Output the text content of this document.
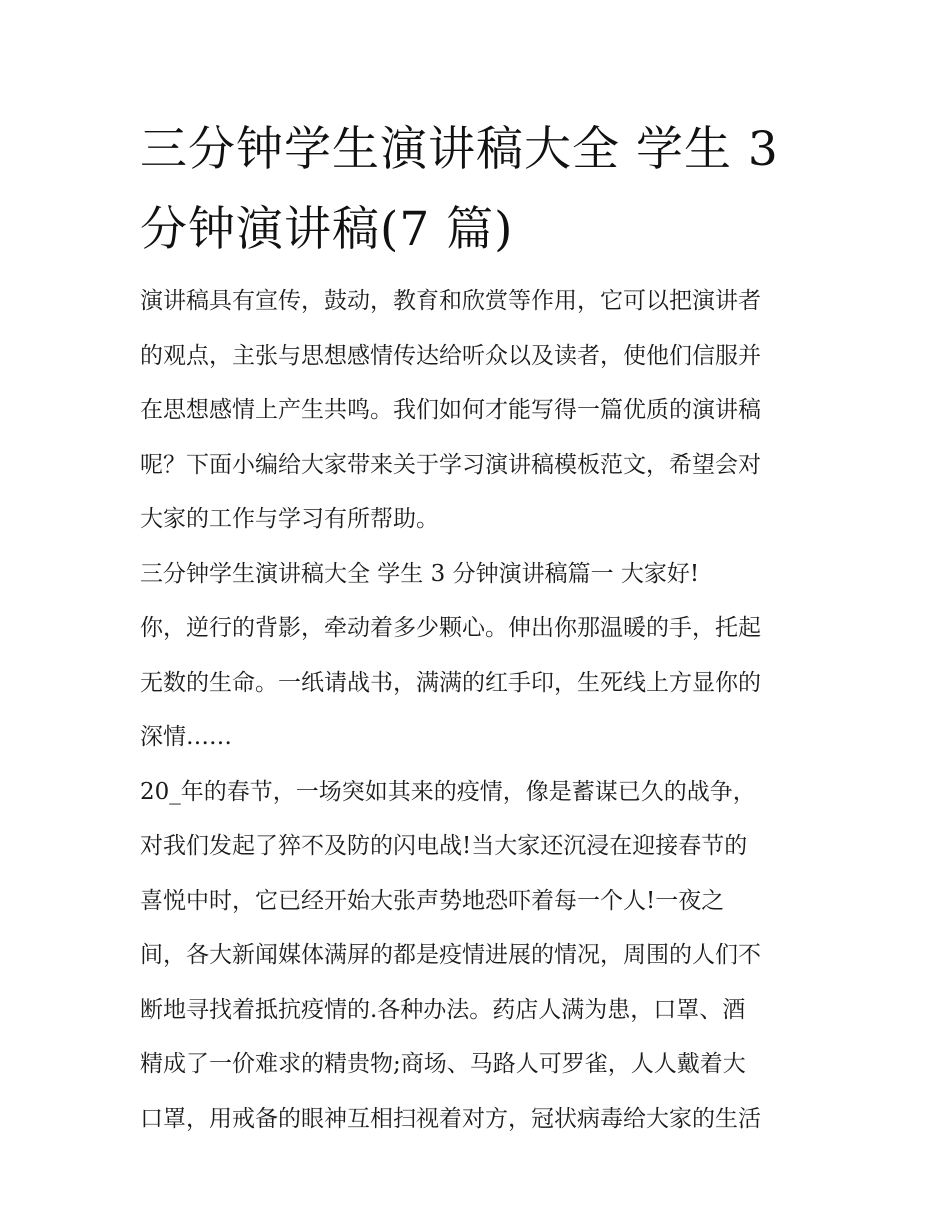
三分钟学生演讲稿大全 学生 3
分钟演讲稿(7 篇)

演讲稿具有宣传，鼓动，教育和欣赏等作用，它可以把演讲者
的观点，主张与思想感情传达给听众以及读者，使他们信服并
在思想感情上产生共鸣。我们如何才能写得一篇优质的演讲稿
呢？下面小编给大家带来关于学习演讲稿模板范文，希望会对
大家的工作与学习有所帮助。

三分钟学生演讲稿大全 学生 3 分钟演讲稿篇一 大家好!

你，逆行的背影，牵动着多少颗心。伸出你那温暖的手，托起
无数的生命。一纸请战书，满满的红手印，生死线上方显你的
深情……

20_年的春节，一场突如其来的疫情，像是蓄谋已久的战争，
对我们发起了猝不及防的闪电战!当大家还沉浸在迎接春节的
喜悦中时，它已经开始大张声势地恐吓着每一个人!一夜之
间，各大新闻媒体满屏的都是疫情进展的情况，周围的人们不
断地寻找着抵抗疫情的.各种办法。药店人满为患，口罩、酒
精成了一价难求的精贵物;商场、马路人可罗雀，人人戴着大
口罩，用戒备的眼神互相扫视着对方，冠状病毒给大家的生活
